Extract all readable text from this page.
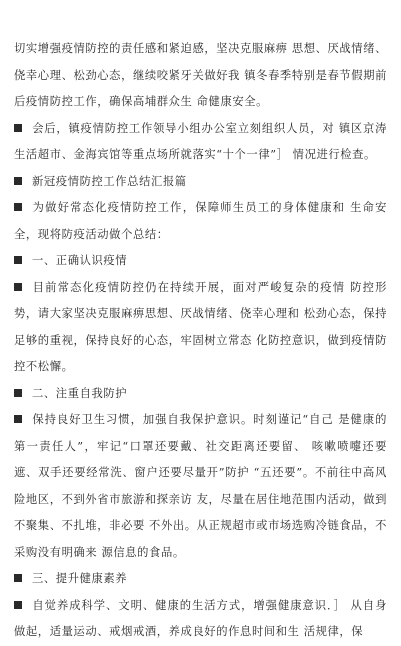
切实增强疫情防控的责任感和紧迫感，坚决克服麻痹 思想、厌战情绪、侥幸心理、松劲心态，继续咬紧牙关做好我 镇冬春季特别是春节假期前后疫情防控工作，确保高埔群众生 命健康安全。

会后，镇疫情防控工作领导小组办公室立刻组织人员，对 镇区京涛生活超市、金海宾馆等重点场所就落实“十个一律”］ 情况进行检查。

新冠疫情防控工作总结汇报篇

为做好常态化疫情防控工作，保障师生员工的身体健康和 生命安全，现将防疫活动做个总结：

一、正确认识疫情

目前常态化疫情防控仍在持续开展，面对严峻复杂的疫情 防控形势，请大家坚决克服麻痹思想、厌战情绪、侥幸心理和 松劲心态，保持足够的重视，保持良好的心态，牢固树立常态 化防控意识，做到疫情防控不松懈。

二、注重自我防护

保持良好卫生习惯，加强自我保护意识。时刻谨记“自己 是健康的第一责任人”，牢记“口罩还要戴、社交距离还要留、 咳嗽喷嚏还要遮、双手还要经常洗、窗户还要尽量开”防护 “五还要”。不前往中高风险地区，不到外省市旅游和探亲访 友，尽量在居住地范围内活动，做到不聚集、不扎堆，非必要 不外出。从正规超市或市场选购冷链食品，不采购没有明确来 源信息的食品。

三、提升健康素养

自觉养成科学、文明、健康的生活方式，增强健康意识．］ 从自身做起，适量运动、戒烟戒酒，养成良好的作息时间和生 活规律，保
